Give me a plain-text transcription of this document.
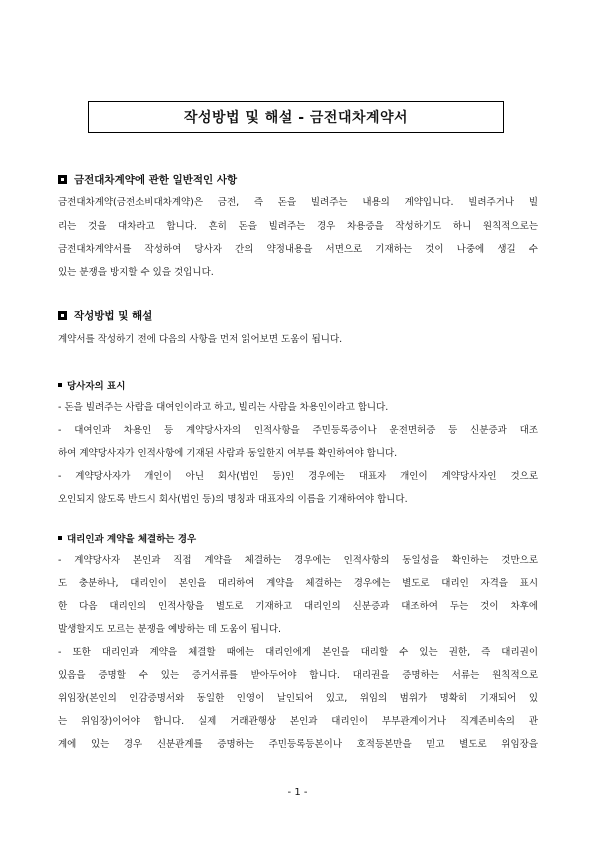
작성방법 및 해설 - 금전대차계약서
금전대차계약에 관한 일반적인 사항
금전대차계약(금전소비대차계약)은 금전, 즉 돈을 빌려주는 내용의 계약입니다. 빌려주거나 빌
리는 것을 대차라고 합니다. 흔히 돈을 빌려주는 경우 차용증을 작성하기도 하니 원칙적으로는
금전대차계약서를 작성하여 당사자 간의 약정내용을 서면으로 기재하는 것이 나중에 생길 수
있는 분쟁을 방지할 수 있을 것입니다.
작성방법 및 해설
계약서를 작성하기 전에 다음의 사항을 먼저 읽어보면 도움이 됩니다.
당사자의 표시
- 돈을 빌려주는 사람을 대여인이라고 하고, 빌리는 사람을 차용인이라고 합니다.
- 대여인과 차용인 등 계약당사자의 인적사항을 주민등록증이나 운전면허증 등 신분증과 대조
하여 계약당사자가 인적사항에 기재된 사람과 동일한지 여부를 확인하여야 합니다.
- 계약당사자가 개인이 아닌 회사(법인 등)인 경우에는 대표자 개인이 계약당사자인 것으로
오인되지 않도록 반드시 회사(법인 등)의 명칭과 대표자의 이름을 기재하여야 합니다.
대리인과 계약을 체결하는 경우
- 계약당사자 본인과 직접 계약을 체결하는 경우에는 인적사항의 동일성을 확인하는 것만으로
도 충분하나, 대리인이 본인을 대리하여 계약을 체결하는 경우에는 별도로 대리인 자격을 표시
한 다음 대리인의 인적사항을 별도로 기재하고 대리인의 신분증과 대조하여 두는 것이 차후에
발생할지도 모르는 분쟁을 예방하는 데 도움이 됩니다.
- 또한 대리인과 계약을 체결할 때에는 대리인에게 본인을 대리할 수 있는 권한, 즉 대리권이
있음을 증명할 수 있는 증거서류를 받아두어야 합니다. 대리권을 증명하는 서류는 원칙적으로
위임장(본인의 인감증명서와 동일한 인영이 날인되어 있고, 위임의 범위가 명확히 기재되어 있
는 위임장)이어야 합니다. 실제 거래관행상 본인과 대리인이 부부관계이거나 직계존비속의 관
계에 있는 경우 신분관계를 증명하는 주민등록등본이나 호적등본만을 믿고 별도로 위임장을
- 1 -
